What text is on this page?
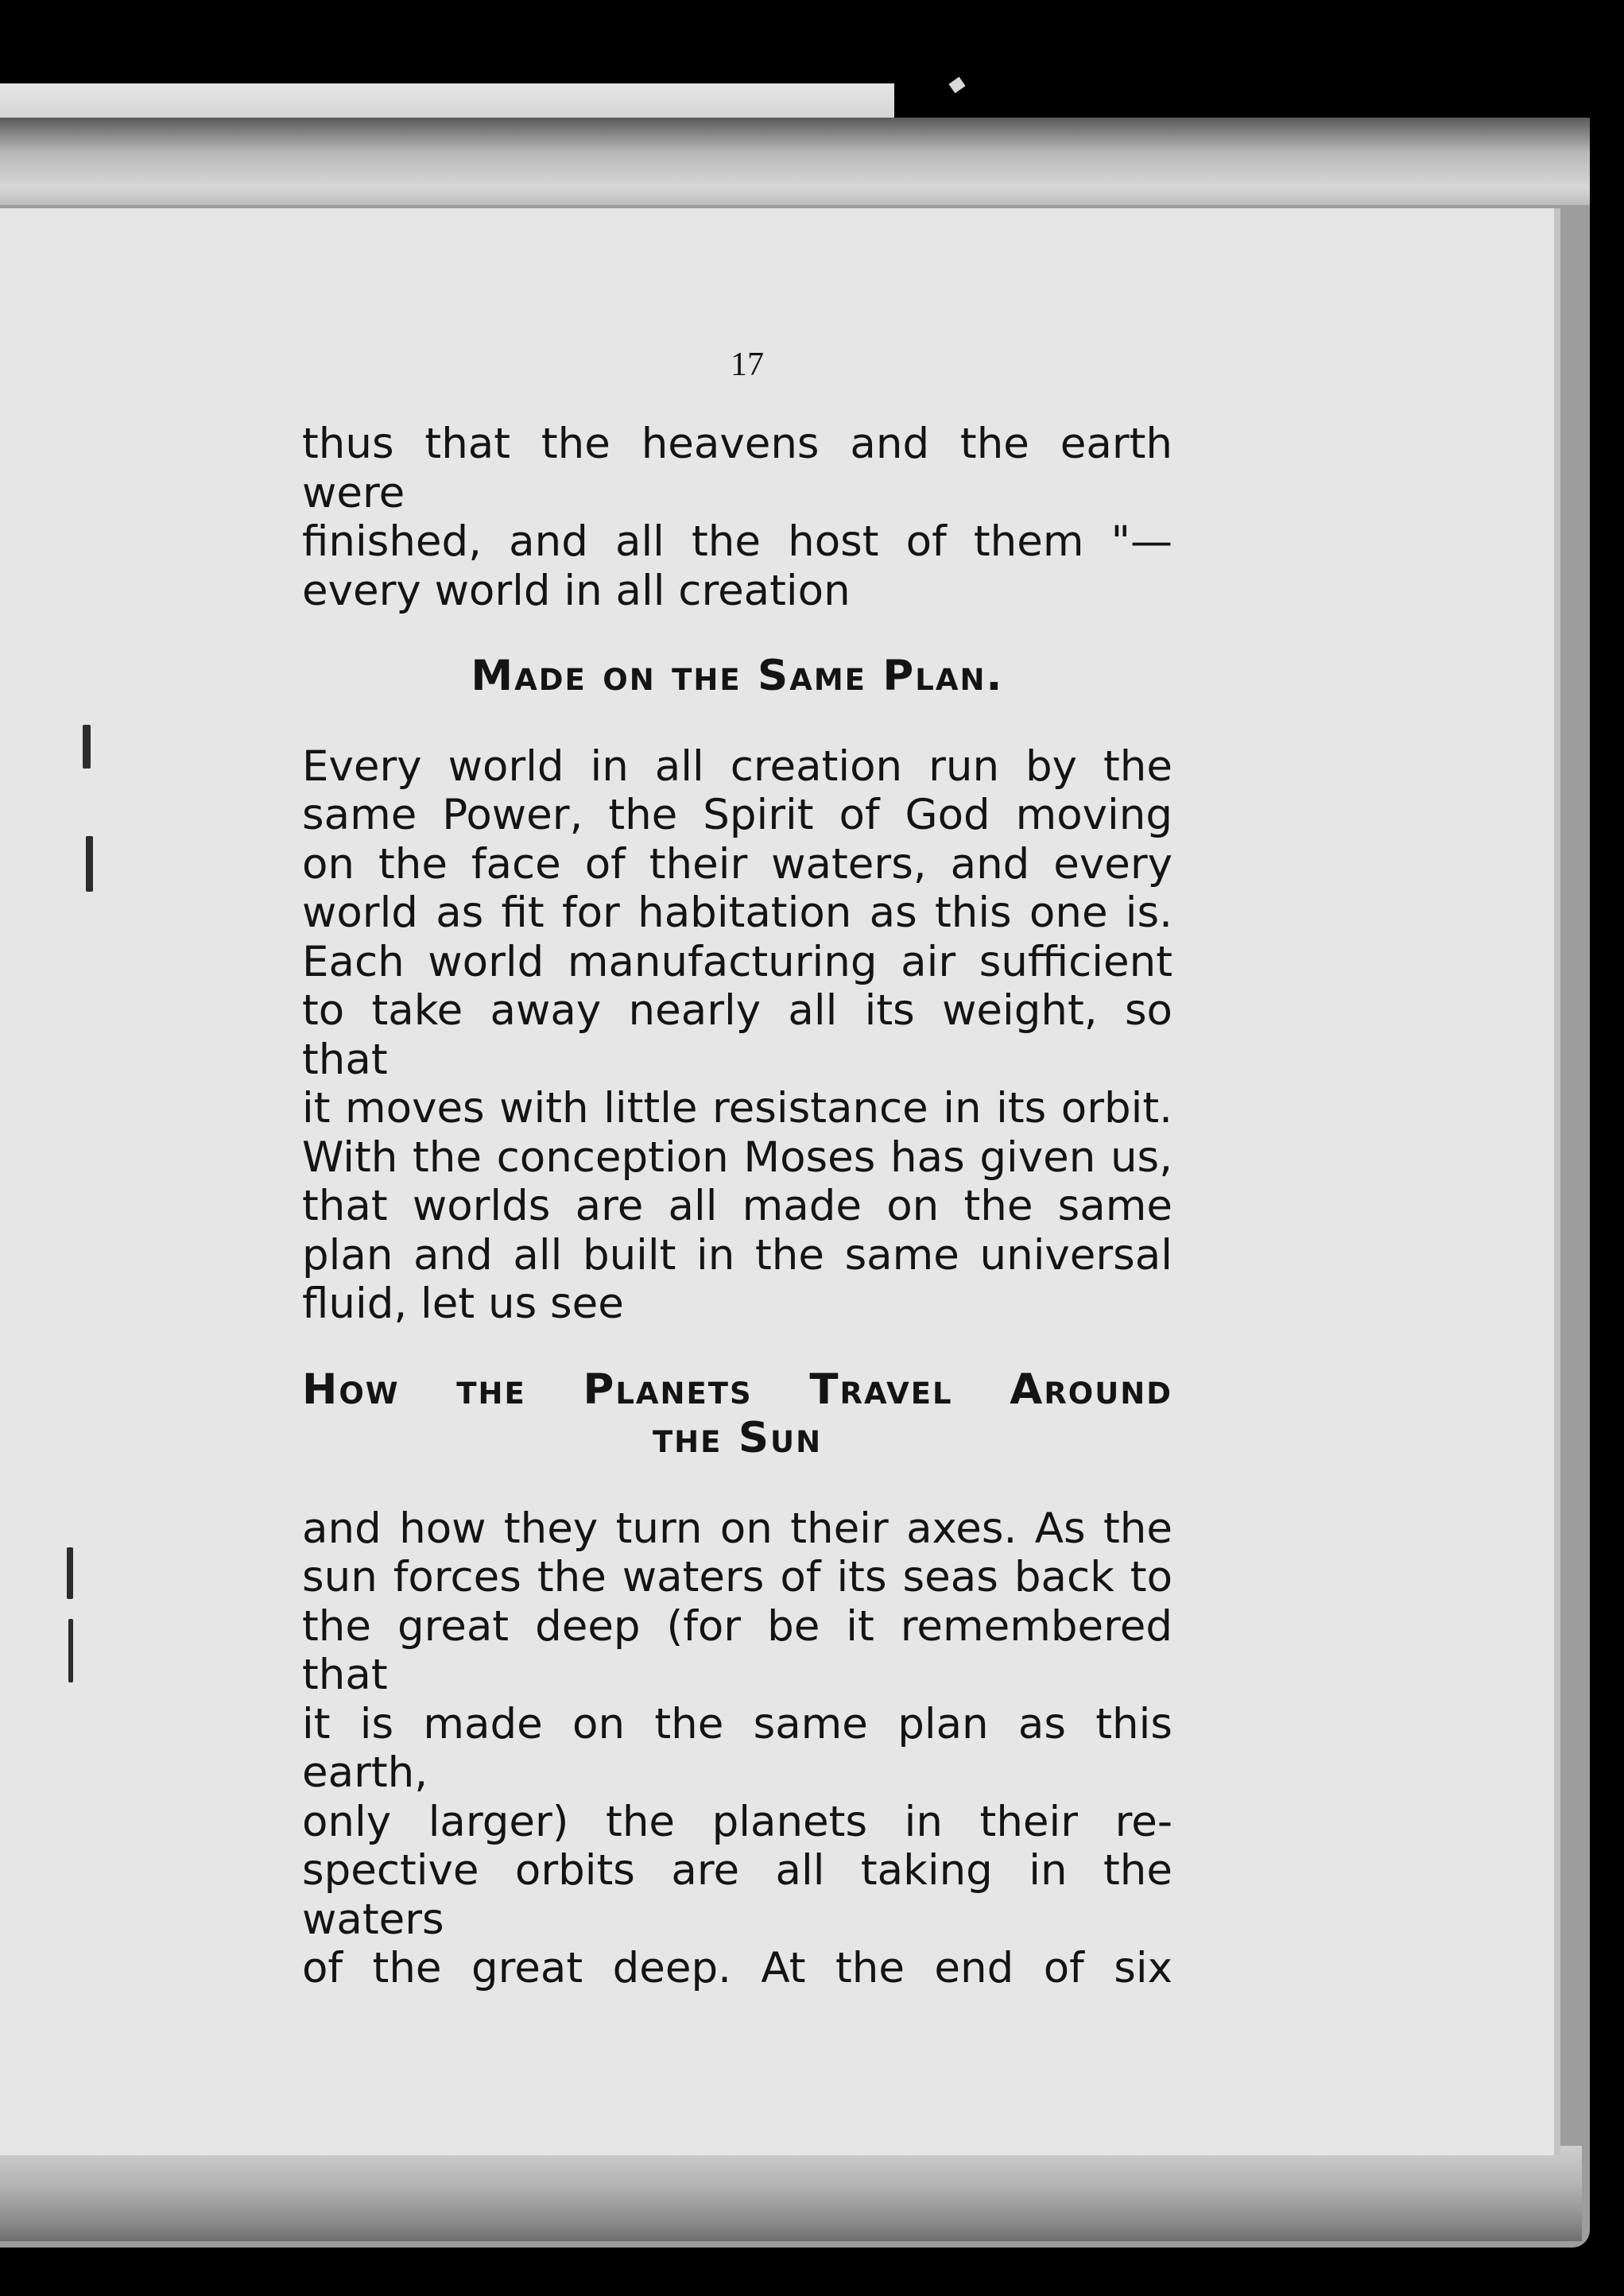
17

thus that the heavens and the earth were
finished, and all the host of them "—
every world in all creation

Made on the Same Plan.

Every world in all creation run by the
same Power, the Spirit of God moving
on the face of their waters, and every
world as fit for habitation as this one is.
Each world manufacturing air sufficient
to take away nearly all its weight, so that
it moves with little resistance in its orbit.
With the conception Moses has given us,
that worlds are all made on the same
plan and all built in the same universal
fluid, let us see

How the Planets Travel Around
the Sun

and how they turn on their axes. As the
sun forces the waters of its seas back to
the great deep (for be it remembered that
it is made on the same plan as this earth,
only larger) the planets in their re-
spective orbits are all taking in the waters
of the great deep. At the end of six
